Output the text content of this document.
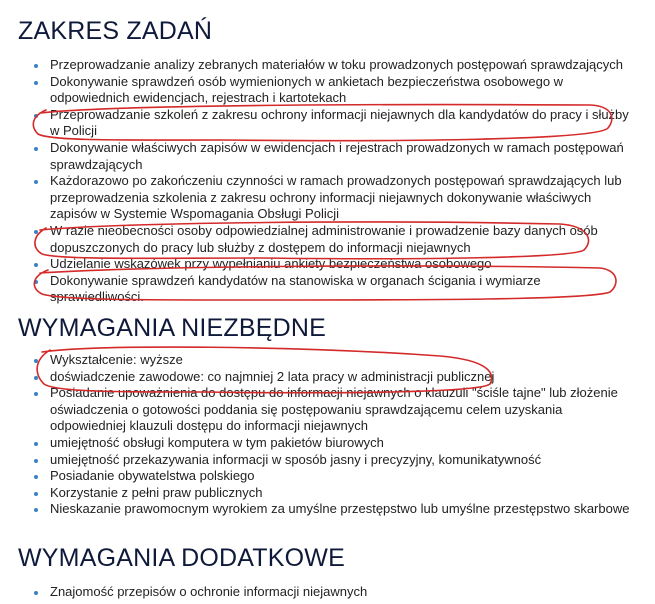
ZAKRES ZADAŃ
Przeprowadzanie analizy zebranych materiałów w toku prowadzonych postępowań sprawdzających
Dokonywanie sprawdzeń osób wymienionych w ankietach bezpieczeństwa osobowego w odpowiednich ewidencjach, rejestrach i kartotekach
Przeprowadzanie szkoleń z zakresu ochrony informacji niejawnych dla kandydatów do pracy i służby w Policji
Dokonywanie właściwych zapisów w ewidencjach i rejestrach prowadzonych w ramach postępowań sprawdzających
Każdorazowo po zakończeniu czynności w ramach prowadzonych postępowań sprawdzających lub przeprowadzenia szkolenia z zakresu ochrony informacji niejawnych dokonywanie właściwych zapisów w Systemie Wspomagania Obsługi Policji
W razie nieobecności osoby odpowiedzialnej administrowanie i prowadzenie bazy danych osób dopuszczonych do pracy lub służby z dostępem do informacji niejawnych
Udzielanie wskazówek przy wypełnianiu ankiety bezpieczeństwa osobowego
Dokonywanie sprawdzeń kandydatów na stanowiska w organach ścigania i wymiarze sprawiedliwości.
WYMAGANIA NIEZBĘDNE
Wykształcenie: wyższe
doświadczenie zawodowe: co najmniej 2 lata pracy w administracji publicznej
Posiadanie upoważnienia do dostępu do informacji niejawnych o klauzuli "ściśle tajne" lub złożenie oświadczenia o gotowości poddania się postępowaniu sprawdzającemu celem uzyskania odpowiedniej klauzuli dostępu do informacji niejawnych
umiejętność obsługi komputera w tym pakietów biurowych
umiejętność przekazywania informacji w sposób jasny i precyzyjny, komunikatywność
Posiadanie obywatelstwa polskiego
Korzystanie z pełni praw publicznych
Nieskazanie prawomocnym wyrokiem za umyślne przestępstwo lub umyślne przestępstwo skarbowe
WYMAGANIA DODATKOWE
Znajomość przepisów o ochronie informacji niejawnych
